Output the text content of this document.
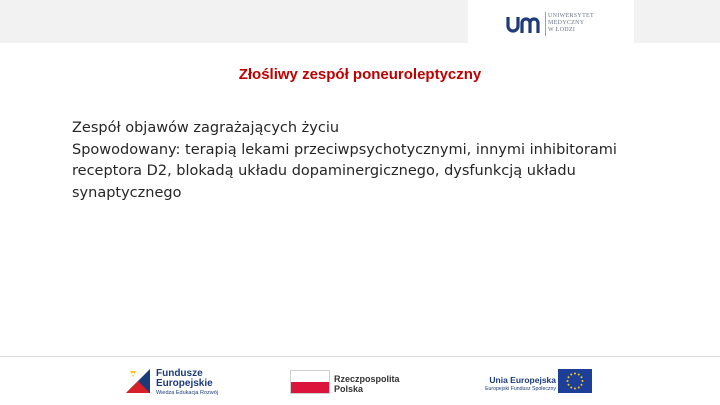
UNIWERSYTET
MEDYCZNY
W ŁODZI
Złośliwy zespół poneuroleptyczny

Zespół objawów zagrażających życiu

Spowodowany: terapią lekami przeciwpsychotycznymi, innymi inhibitorami receptora D2, blokadą układu dopaminergicznego, dysfunkcją układu synaptycznego

Fundusze
Europejskie
Wiedza Edukacja Rozwój
Rzeczpospolita
Polska
Unia Europejska
Europejski Fundusz Społeczny
